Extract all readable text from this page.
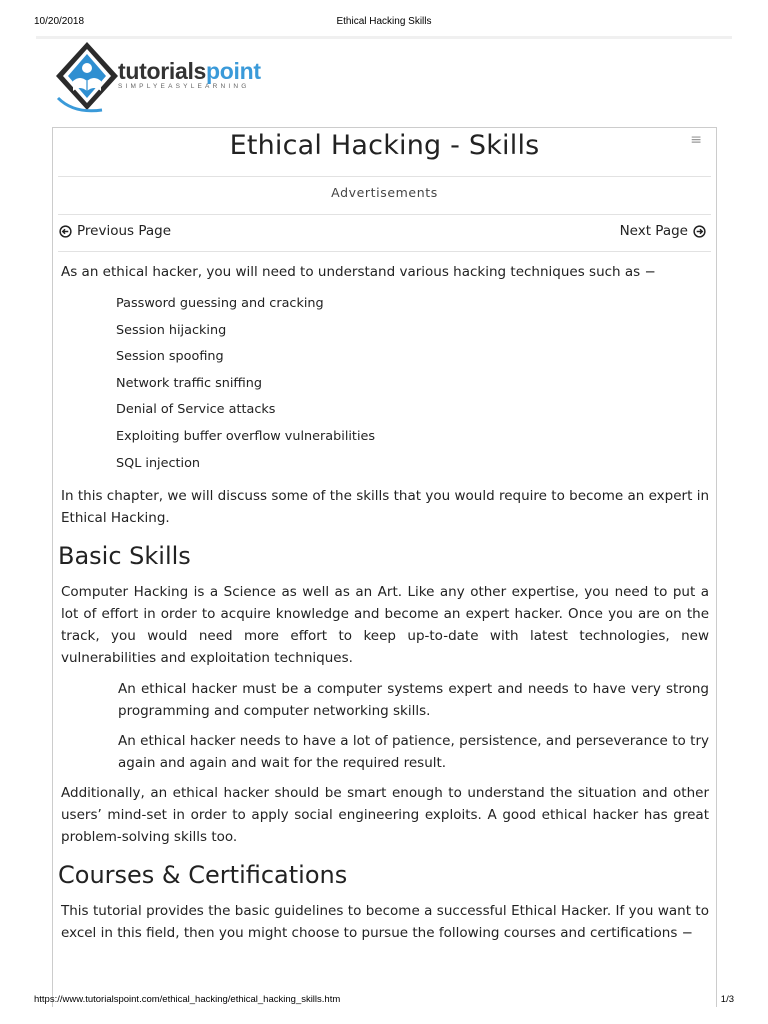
10/20/2018	Ethical Hacking Skills
tutorialspoint
SIMPLYEASYLEARNING
≡
Ethical Hacking - Skills
Advertisements
Previous Page	Next Page

As an ethical hacker, you will need to understand various hacking techniques such as −

Password guessing and cracking
Session hijacking
Session spoofing
Network traffic sniffing
Denial of Service attacks
Exploiting buffer overflow vulnerabilities
SQL injection

In this chapter, we will discuss some of the skills that you would require to become an expert in Ethical Hacking.

Basic Skills

Computer Hacking is a Science as well as an Art. Like any other expertise, you need to put a lot of effort in order to acquire knowledge and become an expert hacker. Once you are on the track, you would need more effort to keep up-to-date with latest technologies, new vulnerabilities and exploitation techniques.

An ethical hacker must be a computer systems expert and needs to have very strong programming and computer networking skills.
An ethical hacker needs to have a lot of patience, persistence, and perseverance to try again and again and wait for the required result.

Additionally, an ethical hacker should be smart enough to understand the situation and other users’ mind-set in order to apply social engineering exploits. A good ethical hacker has great problem-solving skills too.

Courses & Certifications

This tutorial provides the basic guidelines to become a successful Ethical Hacker. If you want to excel in this field, then you might choose to pursue the following courses and certifications −

https://www.tutorialspoint.com/ethical_hacking/ethical_hacking_skills.htm	1/3
